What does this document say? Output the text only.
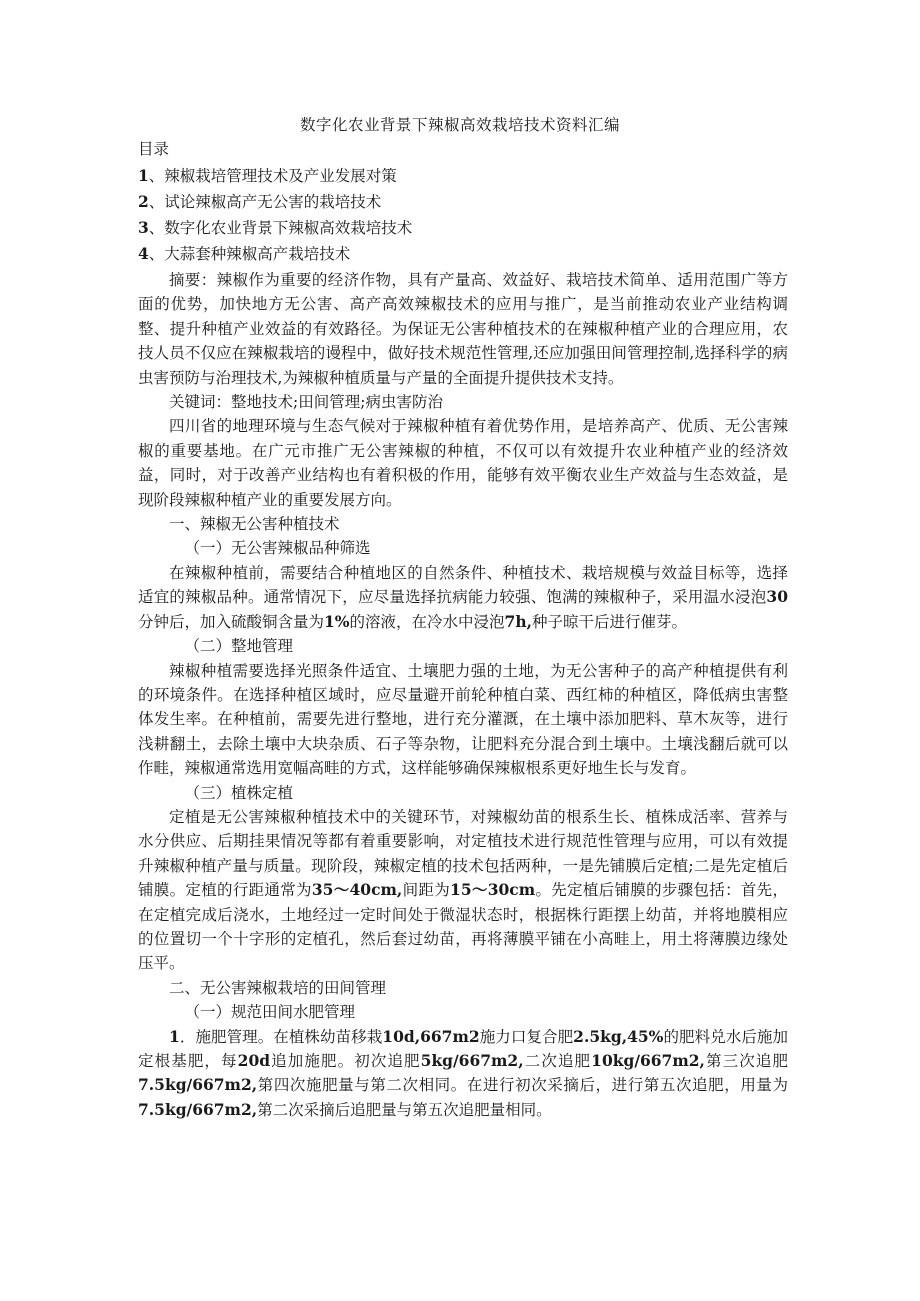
数字化农业背景下辣椒高效栽培技术资料汇编
目录
1、辣椒栽培管理技术及产业发展对策
2、试论辣椒高产无公害的栽培技术
3、数字化农业背景下辣椒高效栽培技术
4、大蒜套种辣椒高产栽培技术

摘要：辣椒作为重要的经济作物，具有产量高、效益好、栽培技术简单、适用范围广等方面的优势，加快地方无公害、高产高效辣椒技术的应用与推广，是当前推动农业产业结构调整、提升种植产业效益的有效路径。为保证无公害种植技术的在辣椒种植产业的合理应用，农技人员不仅应在辣椒栽培的谩程中，做好技术规范性管理,还应加强田间管理控制,选择科学的病虫害预防与治理技术,为辣椒种植质量与产量的全面提升提供技术支持。

关键词：整地技术;田间管理;病虫害防治

四川省的地理环境与生态气候对于辣椒种植有着优势作用，是培养高产、优质、无公害辣椒的重要基地。在广元市推广无公害辣椒的种植，不仅可以有效提升农业种植产业的经济效益，同时，对于改善产业结构也有着积极的作用，能够有效平衡农业生产效益与生态效益，是现阶段辣椒种植产业的重要发展方向。

一、辣椒无公害种植技术

（一）无公害辣椒品种筛选

在辣椒种植前，需要结合种植地区的自然条件、种植技术、栽培规模与效益目标等，选择适宜的辣椒品种。通常情况下，应尽量选择抗病能力较强、饱满的辣椒种子，采用温水浸泡30分钟后，加入硫酸铜含量为1%的溶液，在冷水中浸泡7h,种子晾干后进行催芽。

（二）整地管理

辣椒种植需要选择光照条件适宜、土壤肥力强的土地，为无公害种子的高产种植提供有利的环境条件。在选择种植区域时，应尽量避开前轮种植白菜、西红柿的种植区，降低病虫害整体发生率。在种植前，需要先进行整地，进行充分灌溉，在土壤中添加肥料、草木灰等，进行浅耕翻土，去除土壤中大块杂质、石子等杂物，让肥料充分混合到土壤中。土壤浅翻后就可以作畦，辣椒通常选用宽幅高畦的方式，这样能够确保辣椒根系更好地生长与发育。

（三）植株定植

定植是无公害辣椒种植技术中的关键环节，对辣椒幼苗的根系生长、植株成活率、营养与水分供应、后期挂果情况等都有着重要影响，对定植技术进行规范性管理与应用，可以有效提升辣椒种植产量与质量。现阶段，辣椒定植的技术包括两种，一是先铺膜后定植;二是先定植后铺膜。定植的行距通常为35～40cm,间距为15～30cm。先定植后铺膜的步骤包括：首先，在定植完成后浇水，土地经过一定时间处于微湿状态时，根据株行距摆上幼苗，并将地膜相应的位置切一个十字形的定植孔，然后套过幼苗，再将薄膜平铺在小高畦上，用土将薄膜边缘处压平。

二、无公害辣椒栽培的田间管理

（一）规范田间水肥管理

1．施肥管理。在植株幼苗移栽10d,667m2施力口复合肥2.5kg,45%的肥料兑水后施加定根基肥，每20d追加施肥。初次追肥5kg∕667m2,二次追肥10kg∕667m2,第三次追肥7.5kg∕667m2,第四次施肥量与第二次相同。在进行初次采摘后，进行第五次追肥，用量为7.5kg∕667m2,第二次采摘后追肥量与第五次追肥量相同。
